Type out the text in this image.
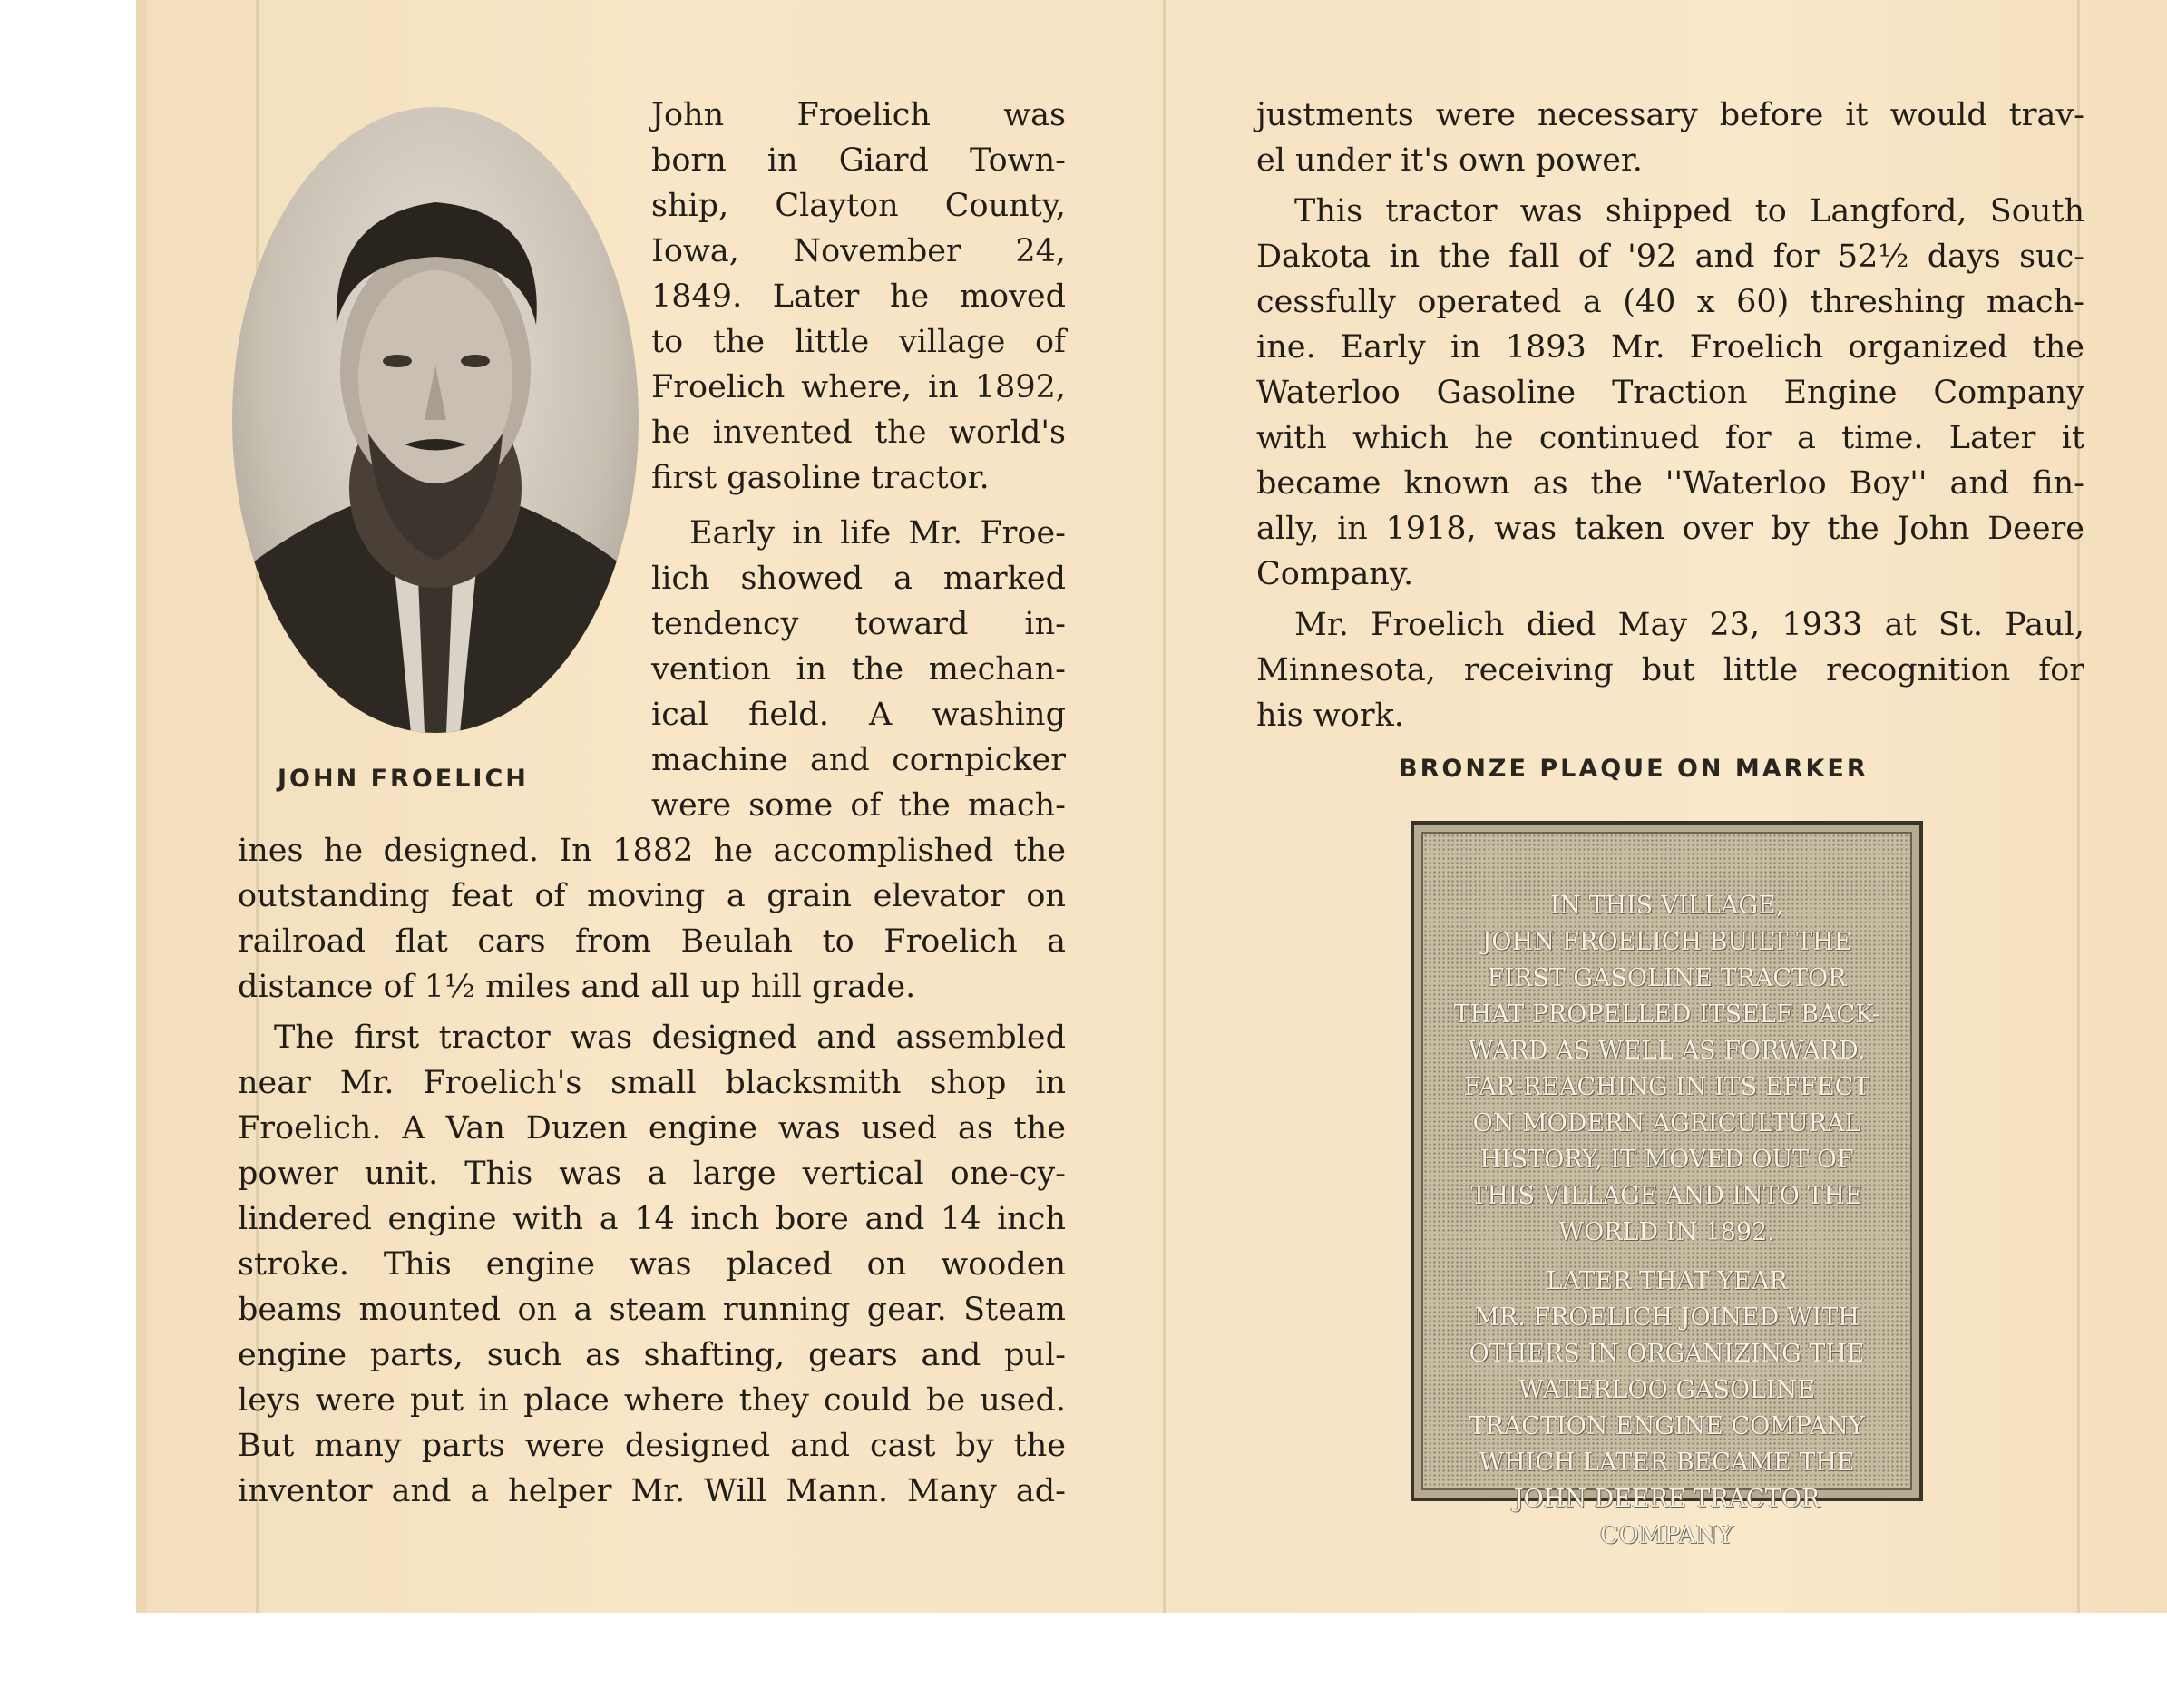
JOHN FROELICH
John Froelich was
born in Giard Town-
ship, Clayton County,
Iowa, November 24,
1849. Later he moved
to the little village of
Froelich where, in 1892,
he invented the world's
first gasoline tractor.
Early in life Mr. Froe-
lich showed a marked
tendency toward in-
vention in the mechan-
ical field. A washing
machine and cornpicker
were some of the mach-
ines he designed. In 1882 he accomplished the
outstanding feat of moving a grain elevator on
railroad flat cars from Beulah to Froelich a
distance of 1½ miles and all up hill grade.
The first tractor was designed and assembled
near Mr. Froelich's small blacksmith shop in
Froelich. A Van Duzen engine was used as the
power unit. This was a large vertical one-cy-
lindered engine with a 14 inch bore and 14 inch
stroke. This engine was placed on wooden
beams mounted on a steam running gear. Steam
engine parts, such as shafting, gears and pul-
leys were put in place where they could be used.
But many parts were designed and cast by the
inventor and a helper Mr. Will Mann. Many ad-
justments were necessary before it would trav-
el under it's own power.
This tractor was shipped to Langford, South
Dakota in the fall of '92 and for 52½ days suc-
cessfully operated a (40 x 60) threshing mach-
ine. Early in 1893 Mr. Froelich organized the
Waterloo Gasoline Traction Engine Company
with which he continued for a time. Later it
became known as the ''Waterloo Boy'' and fin-
ally, in 1918, was taken over by the John Deere
Company.
Mr. Froelich died May 23, 1933 at St. Paul,
Minnesota, receiving but little recognition for
his work.
BRONZE PLAQUE ON MARKER
IN THIS VILLAGE,
JOHN FROELICH BUILT THE
FIRST GASOLINE TRACTOR
THAT PROPELLED ITSELF BACK-
WARD AS WELL AS FORWARD.
FAR-REACHING IN ITS EFFECT
ON MODERN AGRICULTURAL
HISTORY, IT MOVED OUT OF
THIS VILLAGE AND INTO THE
WORLD IN 1892.
LATER THAT YEAR
MR. FROELICH JOINED WITH
OTHERS IN ORGANIZING THE
WATERLOO GASOLINE
TRACTION ENGINE COMPANY
WHICH LATER BECAME THE
JOHN DEERE TRACTOR
COMPANY
